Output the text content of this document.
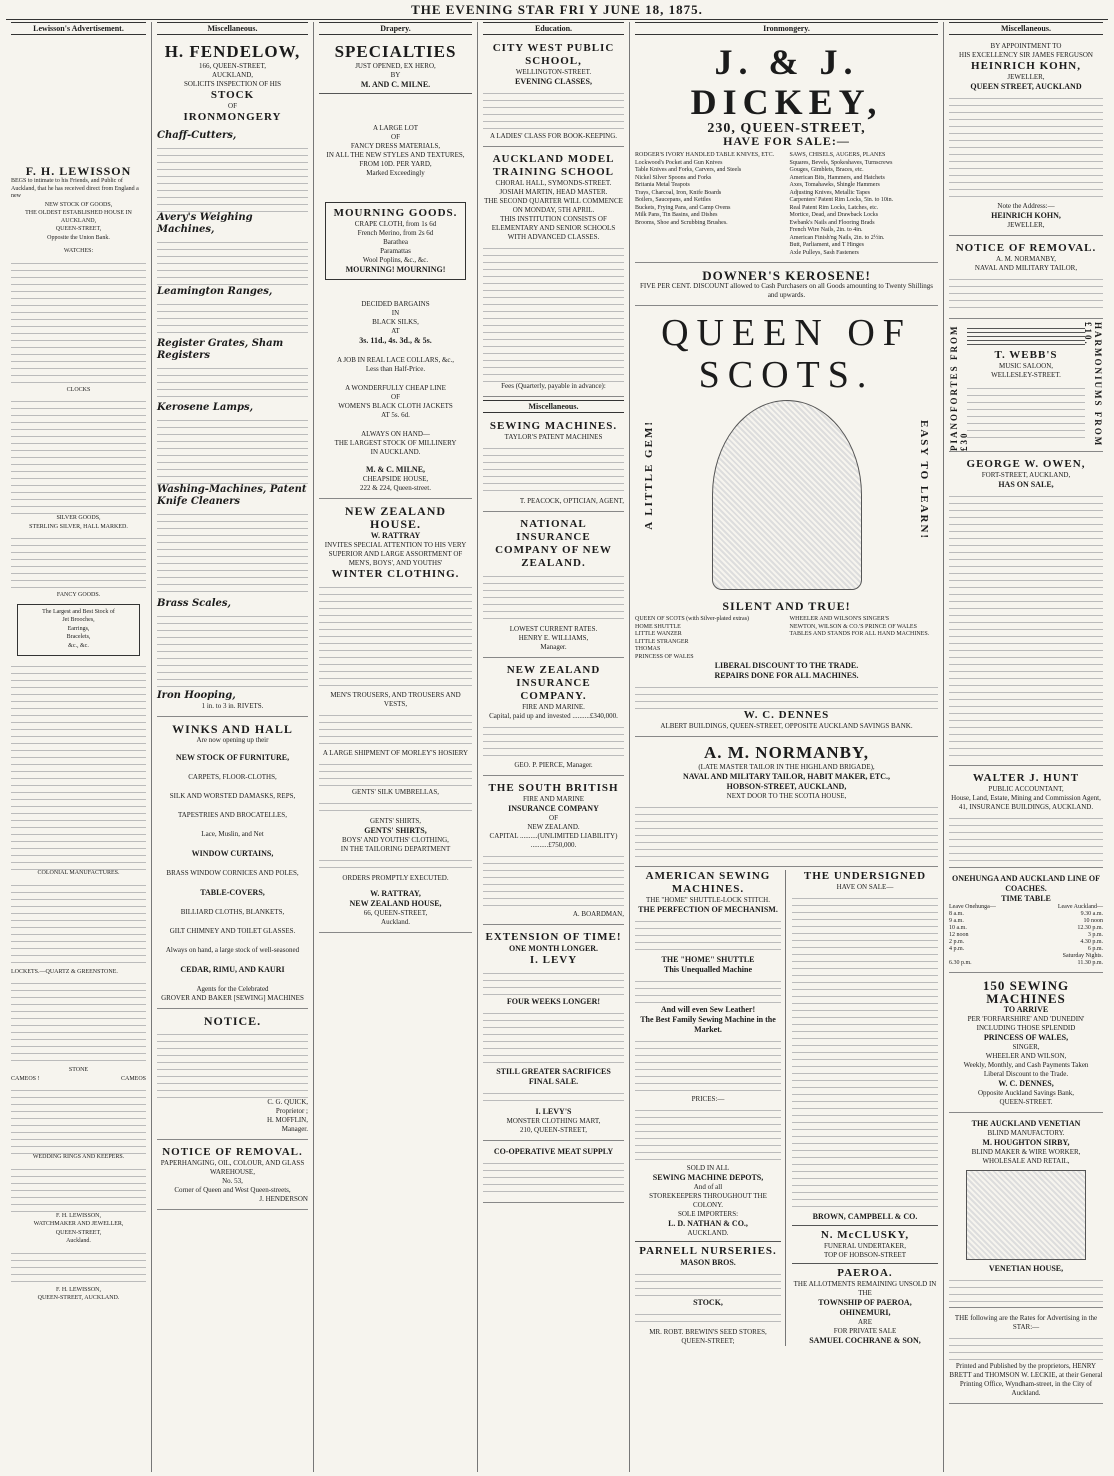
THE EVENING STAR FRI Y JUNE 18, 1875.
Lewisson's Advertisement.
F. H. LEWISSON

BEGS to intimate to his Friends, and Public of Auckland, that he has received direct from England a new

NEW STOCK OF GOODS,

THE OLDEST ESTABLISHED HOUSE IN AUCKLAND,

QUEEN-STREET,

Opposite the Union Bank.

WATCHES:

CLOCKS

SILVER GOODS,

STERLING SILVER, HALL MARKED.

FANCY GOODS.

The Largest and Best Stock of

Jet Brooches,

Earrings,

Bracelets,

&c., &c.

COLONIAL MANUFACTURES.

LOCKETS.—QUARTZ & GREENSTONE.

STONE

CAMEOS !	CAMEOS

WEDDING RINGS AND KEEPERS.

F. H. LEWISSON,

WATCHMAKER AND JEWELLER,

QUEEN-STREET,

Auckland.

F. H. LEWISSON,

QUEEN-STREET, AUCKLAND.

Miscellaneous.
H. FENDELOW,
166, QUEEN-STREET,
AUCKLAND,
SOLICITS INSPECTION OF HIS
STOCK
OF
IRONMONGERY
Chaff-Cutters,
Avery's Weighing Machines,
Leamington Ranges,
Register Grates, Sham Registers
Kerosene Lamps,
Washing-Machines, Patent Knife Cleaners
Brass Scales,
Iron Hooping,
1 in. to 3 in. RIVETS.
WINKS AND HALL
Are now opening up their
NEW STOCK OF FURNITURE,
CARPETS, FLOOR-CLOTHS,
SILK AND WORSTED DAMASKS, REPS,
TAPESTRIES AND BROCATELLES,
Lace, Muslin, and Net
WINDOW CURTAINS,
BRASS WINDOW CORNICES AND POLES,
TABLE-COVERS,
BILLIARD CLOTHS, BLANKETS,
GILT CHIMNEY AND TOILET GLASSES.
Always on hand, a large stock of well-seasoned
CEDAR, RIMU, AND KAURI
Agents for the Celebrated
GROVER AND BAKER [SEWING] MACHINES
NOTICE.
C. G. QUICK,
Proprietor ;
H. MOFFLIN,
Manager.
NOTICE OF REMOVAL.
PAPERHANGING, OIL, COLOUR, AND GLASS WAREHOUSE,
No. 53,
Corner of Queen and West Queen-streets,
J. HENDERSON
Drapery.
SPECIALTIES
JUST OPENED, EX HERO,
BY
M. AND C. MILNE.
A LARGE LOT
OF
FANCY DRESS MATERIALS,
IN ALL THE NEW STYLES AND TEXTURES,
FROM 10D. PER YARD,
Marked Exceedingly
MOURNING GOODS.
CRAPE CLOTH, from 1s 6d
French Merino, from 2s 6d
Barathea
Paramattas
Wool Poplins, &c., &c.
MOURNING! MOURNING!
DECIDED BARGAINS
IN
BLACK SILKS,
AT
3s. 11d., 4s. 3d., & 5s.
A JOB IN REAL LACE COLLARS, &c.,
Less than Half-Price.
A WONDERFULLY CHEAP LINE
OF
WOMEN'S BLACK CLOTH JACKETS
AT 5s. 6d.
ALWAYS ON HAND—
THE LARGEST STOCK OF MILLINERY
IN AUCKLAND.
M. & C. MILNE,
CHEAPSIDE HOUSE,
222 & 224, Queen-street.
NEW ZEALAND HOUSE.
W. RATTRAY
INVITES SPECIAL ATTENTION TO HIS VERY SUPERIOR AND LARGE ASSORTMENT OF
MEN'S, BOYS', AND YOUTHS'
WINTER CLOTHING.
MEN'S TROUSERS, AND TROUSERS AND VESTS,
A LARGE SHIPMENT OF MORLEY'S HOSIERY
GENTS' SILK UMBRELLAS,
GENTS' SHIRTS,
GENTS' SHIRTS,
BOYS' AND YOUTHS' CLOTHING,
IN THE TAILORING DEPARTMENT
ORDERS PROMPTLY EXECUTED.
W. RATTRAY,
NEW ZEALAND HOUSE,
66, QUEEN-STREET,
Auckland.
Education.
CITY WEST PUBLIC SCHOOL,
WELLINGTON-STREET.
EVENING CLASSES,
A LADIES' CLASS FOR BOOK-KEEPING.
AUCKLAND MODEL TRAINING SCHOOL
CHORAL HALL, SYMONDS-STREET.
JOSIAH MARTIN, HEAD MASTER.
THE SECOND QUARTER WILL COMMENCE ON MONDAY, 5TH APRIL.
THIS INSTITUTION CONSISTS OF ELEMENTARY AND SENIOR SCHOOLS WITH ADVANCED CLASSES.
Fees (Quarterly, payable in advance):
Miscellaneous.
SEWING MACHINES.
TAYLOR'S PATENT MACHINES
T. PEACOCK, OPTICIAN, AGENT,
NATIONAL INSURANCE COMPANY OF NEW ZEALAND.
LOWEST CURRENT RATES.
HENRY E. WILLIAMS,
Manager.
NEW ZEALAND INSURANCE COMPANY.
FIRE AND MARINE.
Capital, paid up and invested ..........£340,000.
GEO. P. PIERCE, Manager.
THE SOUTH BRITISH
FIRE AND MARINE
INSURANCE COMPANY
OF
NEW ZEALAND.
CAPITAL ..........(UNLIMITED LIABILITY) ..........£750,000.
A. BOARDMAN,
EXTENSION OF TIME!
ONE MONTH LONGER.
I. LEVY
FOUR WEEKS LONGER!
STILL GREATER SACRIFICES
FINAL SALE.
I. LEVY'S
MONSTER CLOTHING MART,
210, QUEEN-STREET,
CO-OPERATIVE MEAT SUPPLY
Ironmongery.
J. & J. DICKEY,
230, QUEEN-STREET,
HAVE FOR SALE:—
RODGER'S IVORY HANDLED TABLE KNIVES, ETC.
Lockwood's Pocket and Gun Knives
Table Knives and Forks, Carvers, and Steels
Nickel Silver Spoons and Forks
Britania Metal Teapots
Trays, Charcoal, Iron, Knife Boards
Boilers, Saucepans, and Kettles
Buckets, Frying Pans, and Camp Ovens
Milk Pans, Tin Basins, and Dishes
Brooms, Shoe and Scrubbing Brushes.
SAWS, CHISELS, AUGERS, PLANES
Squares, Bevels, Spokeshaves, Turnscrews
Gouges, Gimblets, Braces, etc.
American Bits, Hammers, and Hatchets
Axes, Tomahawks, Shingle Hammers
Adjusting Knives, Metallic Tapes
Carpenters' Patent Rim Locks, 5in. to 10in.
Real Patent Rim Locks, Latches, etc.
Mortice, Dead, and Drawback Locks
Ewbank's Nails and Flooring Brads
French Wire Nails, 2in. to 4in.
American Finish'ng Nails, 2in. to 2½in.
Butt, Parliament, and T Hinges
Axle Pulleys, Sash Fasteners
DOWNER'S KEROSENE!
FIVE PER CENT. DISCOUNT allowed to Cash Purchasers on all Goods amounting to Twenty Shillings and upwards.
QUEEN OF SCOTS.
A LITTLE GEM!	EASY TO LEARN!
SILENT AND TRUE!
QUEEN OF SCOTS (with Silver-plated extras)
HOME SHUTTLE
LITTLE WANZER
LITTLE STRANGER
THOMAS
PRINCESS OF WALES
WHEELER AND WILSON'S SINGER'S
NEWTON, WILSON & CO.'S PRINCE OF WALES
TABLES AND STANDS FOR ALL HAND MACHINES.
LIBERAL DISCOUNT TO THE TRADE.
REPAIRS DONE FOR ALL MACHINES.
W. C. DENNES
ALBERT BUILDINGS, QUEEN-STREET, OPPOSITE AUCKLAND SAVINGS BANK.
A. M. NORMANBY,
(LATE MASTER TAILOR IN THE HIGHLAND BRIGADE),
NAVAL AND MILITARY TAILOR, HABIT MAKER, ETC.,
HOBSON-STREET, AUCKLAND,
NEXT DOOR TO THE SCOTIA HOUSE,
AMERICAN SEWING MACHINES.
THE "HOME" SHUTTLE-LOCK STITCH.
THE PERFECTION OF MECHANISM.
THE "HOME" SHUTTLE
This Unequalled Machine
And will even Sew Leather!
The Best Family Sewing Machine in the Market.
PRICES:—
SOLD IN ALL
SEWING MACHINE DEPOTS,
And of all
STOREKEEPERS THROUGHOUT THE COLONY.
SOLE IMPORTERS:
L. D. NATHAN & CO.,
AUCKLAND.
PARNELL NURSERIES.
MASON BROS.
STOCK,
MR. ROBT. BREWIN'S SEED STORES,
QUEEN-STREET;
THE UNDERSIGNED
HAVE ON SALE—
BROWN, CAMPBELL & CO.
N. McCLUSKY,
FUNERAL UNDERTAKER,
TOP OF HOBSON-STREET
PAEROA.
THE ALLOTMENTS REMAINING UNSOLD IN THE
TOWNSHIP OF PAEROA, OHINEMURI,
ARE
FOR PRIVATE SALE
SAMUEL COCHRANE & SON,
Miscellaneous.
BY APPOINTMENT TO
HIS EXCELLENCY SIR JAMES FERGUSON
HEINRICH KOHN,
JEWELLER,
QUEEN STREET, AUCKLAND
Note the Address:—
HEINRICH KOHN,
JEWELLER,
NOTICE OF REMOVAL.
A. M. NORMANBY,
NAVAL AND MILITARY TAILOR,
PIANOFORTES FROM £30	HARMONIUMS FROM £10.
T. WEBB'S
MUSIC SALOON,
WELLESLEY-STREET.
GEORGE W. OWEN,
FORT-STREET, AUCKLAND,
HAS ON SALE,
WALTER J. HUNT
PUBLIC ACCOUNTANT,
House, Land, Estate, Mining and Commission Agent,
41, INSURANCE BUILDINGS, AUCKLAND.
ONEHUNGA AND AUCKLAND LINE OF COACHES.
TIME TABLE
Leave Onehunga—	Leave Auckland—
8 a.m.	9.30 a.m.
9 a.m.	10 noon
10 a.m.	12.30 p.m.
12 noon	3 p.m.
2 p.m.	4.30 p.m.
4 p.m.	6 p.m.
Saturday Nights.
6.30 p.m.	11.30 p.m.
150 SEWING MACHINES
TO ARRIVE
PER 'FORFARSHIRE' AND 'DUNEDIN'
INCLUDING THOSE SPLENDID
PRINCESS OF WALES,
SINGER,
WHEELER AND WILSON,
Weekly, Monthly, and Cash Payments Taken
Liberal Discount to the Trade.
W. C. DENNES,
Opposite Auckland Savings Bank,
QUEEN-STREET.
THE AUCKLAND VENETIAN
BLIND MANUFACTORY.
M. HOUGHTON SIRBY,
BLIND MAKER & WIRE WORKER,
WHOLESALE AND RETAIL,
VENETIAN HOUSE,
THE following are the Rates for Advertising in the STAR:—
Printed and Published by the proprietors, HENRY BRETT and THOMSON W. LECKIE, at their General Printing Office, Wyndham-street, in the City of Auckland.
